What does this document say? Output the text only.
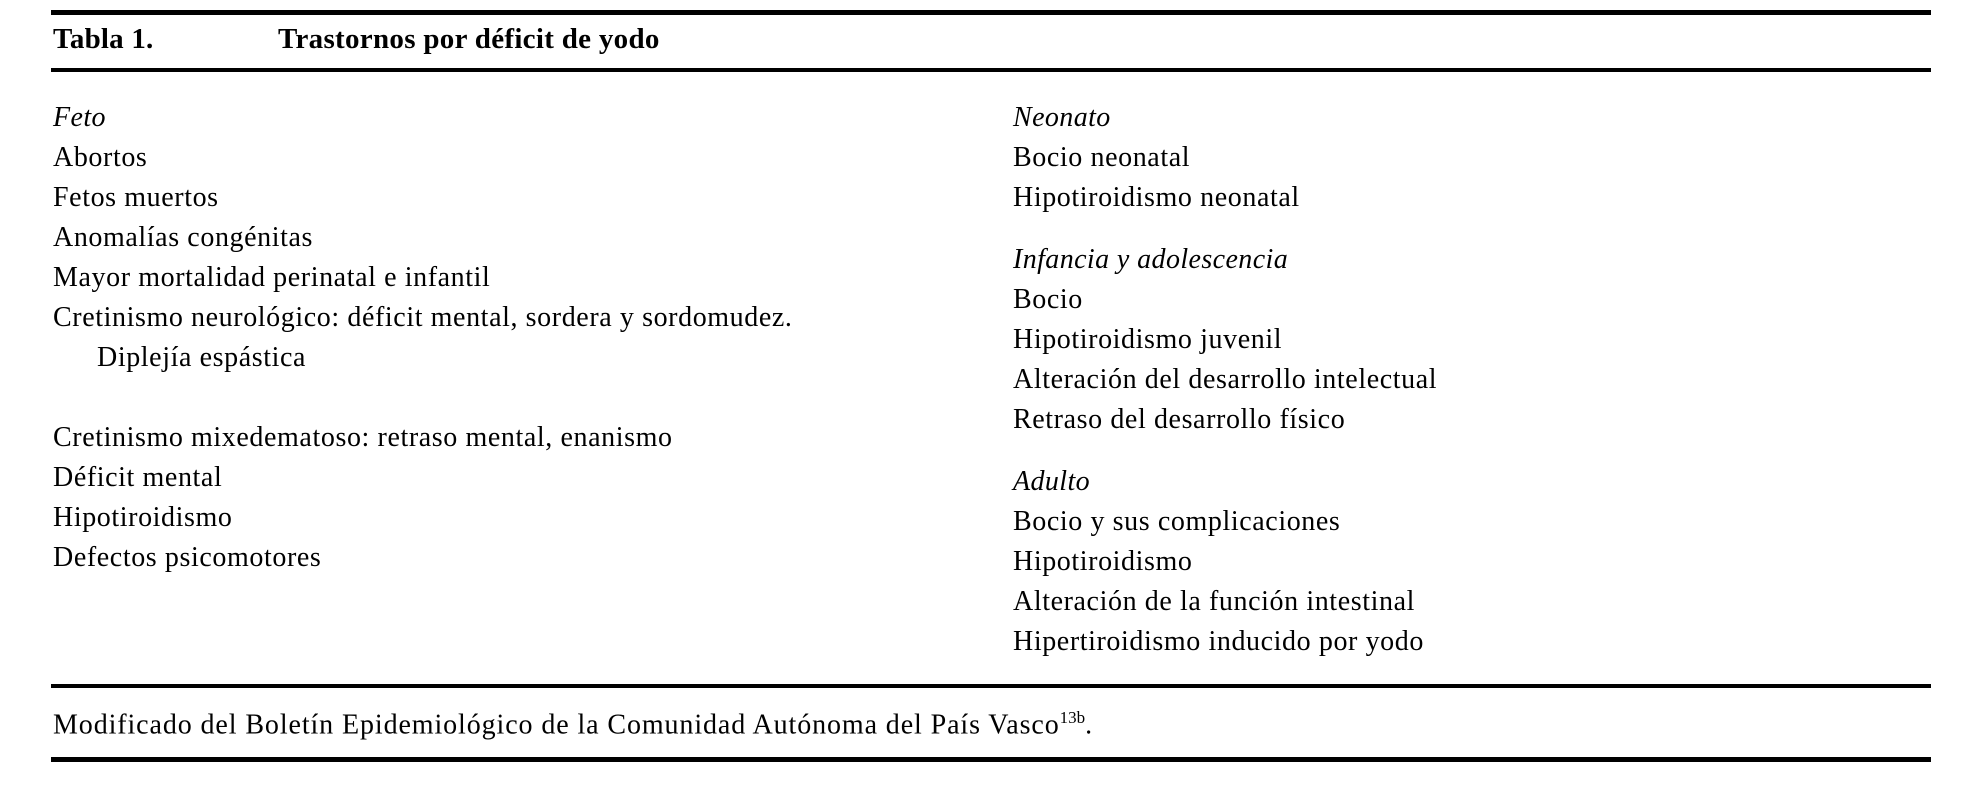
Tabla 1.	Trastornos por déficit de yodo
Feto
Abortos
Fetos muertos
Anomalías congénitas
Mayor mortalidad perinatal e infantil
Cretinismo neurológico: déficit mental, sordera y sordomudez.
Diplejía espástica
Cretinismo mixedematoso: retraso mental, enanismo
Déficit mental
Hipotiroidismo
Defectos psicomotores
Neonato
Bocio neonatal
Hipotiroidismo neonatal
Infancia y adolescencia
Bocio
Hipotiroidismo juvenil
Alteración del desarrollo intelectual
Retraso del desarrollo físico
Adulto
Bocio y sus complicaciones
Hipotiroidismo
Alteración de la función intestinal
Hipertiroidismo inducido por yodo
Modificado del Boletín Epidemiológico de la Comunidad Autónoma del País Vasco$^{13b}$.
